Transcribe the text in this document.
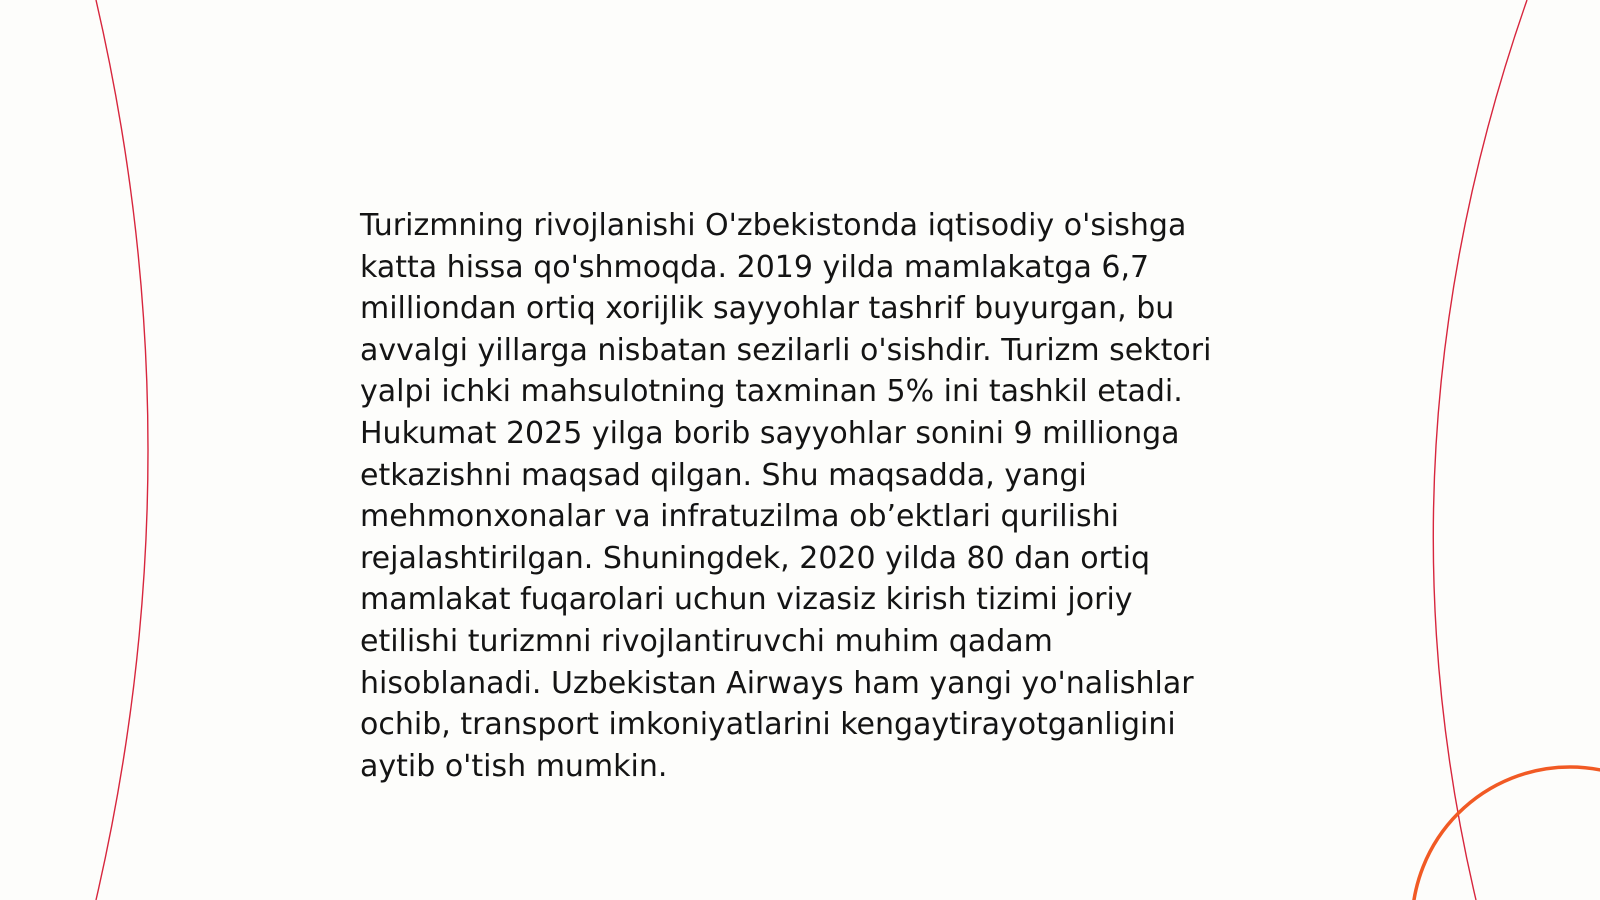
Turizmning rivojlanishi O'zbekistonda iqtisodiy o'sishga katta hissa qo'shmoqda. 2019 yilda mamlakatga 6,7 milliondan ortiq xorijlik sayyohlar tashrif buyurgan, bu avvalgi yillarga nisbatan sezilarli o'sishdir. Turizm sektori yalpi ichki mahsulotning taxminan 5% ini tashkil etadi. Hukumat 2025 yilga borib sayyohlar sonini 9 millionga etkazishni maqsad qilgan. Shu maqsadda, yangi mehmonxonalar va infratuzilma ob’ektlari qurilishi rejalashtirilgan. Shuningdek, 2020 yilda 80 dan ortiq mamlakat fuqarolari uchun vizasiz kirish tizimi joriy etilishi turizmni rivojlantiruvchi muhim qadam hisoblanadi. Uzbekistan Airways ham yangi yo'nalishlar ochib, transport imkoniyatlarini kengaytirayotganligini aytib o'tish mumkin.
